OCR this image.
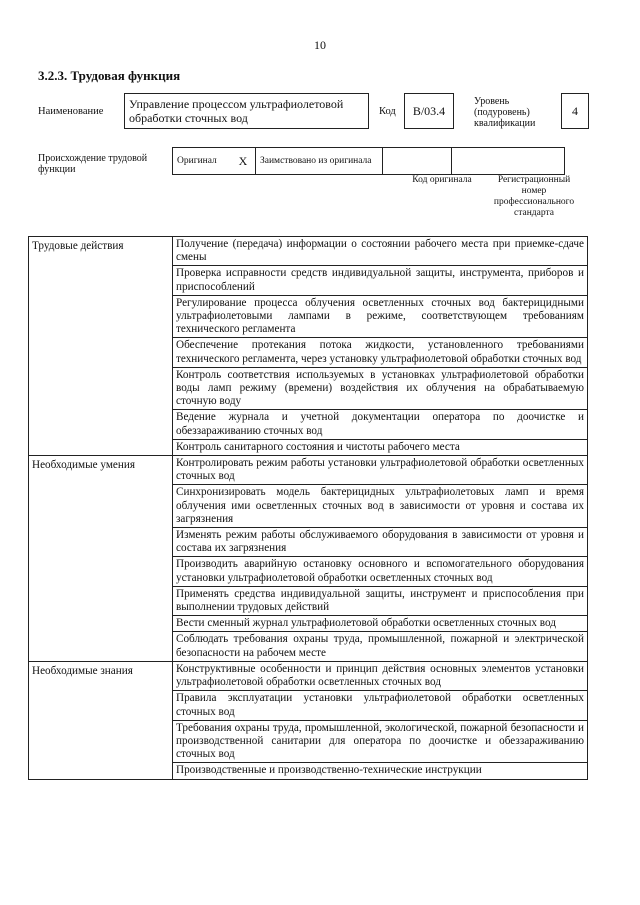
10
3.2.3. Трудовая функция
Наименование
Управление процессом ультрафиолетовой обработки сточных вод	Код	В/03.4
Уровень (подуровень) квалификации
4
Происхождение трудовой функции
Оригинал	X	Заимствовано из оригинала		
Код оригинала	Регистрационный номер профессионального стандарта
Трудовые действия	Получение (передача) информации о состоянии рабочего места при приемке-сдаче смены
	Проверка исправности средств индивидуальной защиты, инструмента, приборов и приспособлений
	Регулирование процесса облучения осветленных сточных вод бактерицидными ультрафиолетовыми лампами в режиме, соответствующем требованиям технического регламента
	Обеспечение протекания потока жидкости, установленного требованиями технического регламента, через установку ультрафиолетовой обработки сточных вод
	Контроль соответствия используемых в установках ультрафиолетовой обработки воды ламп режиму (времени) воздействия их облучения на обрабатываемую сточную воду
	Ведение журнала и учетной документации оператора по доочистке и обеззараживанию сточных вод
	Контроль санитарного состояния и чистоты рабочего места
Необходимые умения	Контролировать режим работы установки ультрафиолетовой обработки осветленных сточных вод
	Синхронизировать модель бактерицидных ультрафиолетовых ламп и время облучения ими осветленных сточных вод в зависимости от уровня и состава их загрязнения
	Изменять режим работы обслуживаемого оборудования в зависимости от уровня и состава их загрязнения
	Производить аварийную остановку основного и вспомогательного оборудования установки ультрафиолетовой обработки осветленных сточных вод
	Применять средства индивидуальной защиты, инструмент и приспособления при выполнении трудовых действий
	Вести сменный журнал ультрафиолетовой обработки осветленных сточных вод
	Соблюдать требования охраны труда, промышленной, пожарной и электрической безопасности на рабочем месте
Необходимые знания	Конструктивные особенности и принцип действия основных элементов установки ультрафиолетовой обработки осветленных сточных вод
	Правила эксплуатации установки ультрафиолетовой обработки осветленных сточных вод
	Требования охраны труда, промышленной, экологической, пожарной безопасности и производственной санитарии для оператора по доочистке и обеззараживанию сточных вод
	Производственные и производственно-технические инструкции
